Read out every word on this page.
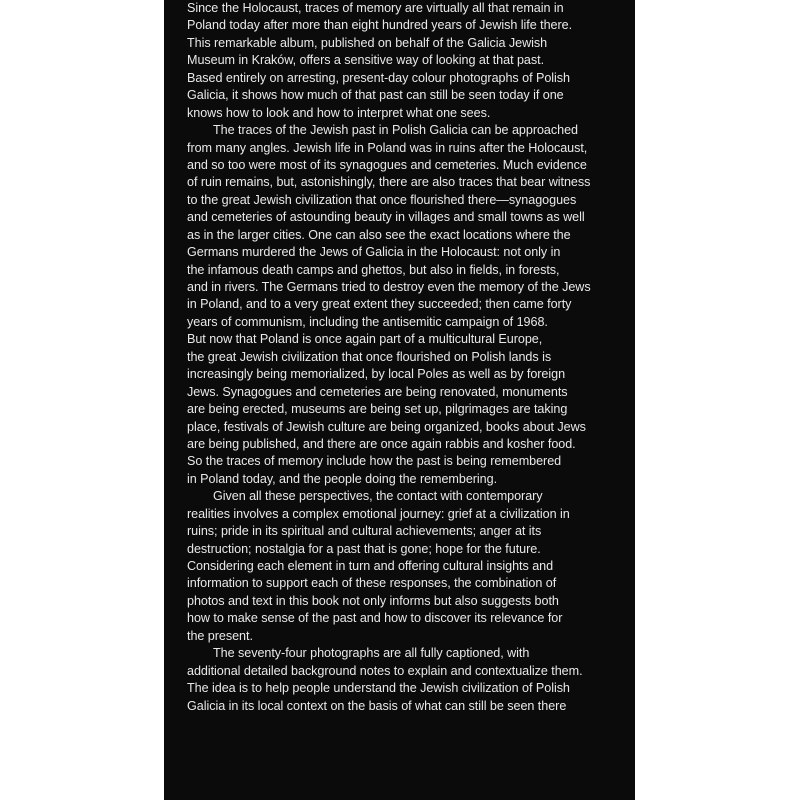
Since the Holocaust, traces of memory are virtually all that remain in
Poland today after more than eight hundred years of Jewish life there.
This remarkable album, published on behalf of the Galicia Jewish
Museum in Kraków, offers a sensitive way of looking at that past.
Based entirely on arresting, present-day colour photographs of Polish
Galicia, it shows how much of that past can still be seen today if one
knows how to look and how to interpret what one sees.
The traces of the Jewish past in Polish Galicia can be approached
from many angles. Jewish life in Poland was in ruins after the Holocaust,
and so too were most of its synagogues and cemeteries. Much evidence
of ruin remains, but, astonishingly, there are also traces that bear witness
to the great Jewish civilization that once flourished there—synagogues
and cemeteries of astounding beauty in villages and small towns as well
as in the larger cities. One can also see the exact locations where the
Germans murdered the Jews of Galicia in the Holocaust: not only in
the infamous death camps and ghettos, but also in fields, in forests,
and in rivers. The Germans tried to destroy even the memory of the Jews
in Poland, and to a very great extent they succeeded; then came forty
years of communism, including the antisemitic campaign of 1968.
But now that Poland is once again part of a multicultural Europe,
the great Jewish civilization that once flourished on Polish lands is
increasingly being memorialized, by local Poles as well as by foreign
Jews. Synagogues and cemeteries are being renovated, monuments
are being erected, museums are being set up, pilgrimages are taking
place, festivals of Jewish culture are being organized, books about Jews
are being published, and there are once again rabbis and kosher food.
So the traces of memory include how the past is being remembered
in Poland today, and the people doing the remembering.
Given all these perspectives, the contact with contemporary
realities involves a complex emotional journey: grief at a civilization in
ruins; pride in its spiritual and cultural achievements; anger at its
destruction; nostalgia for a past that is gone; hope for the future.
Considering each element in turn and offering cultural insights and
information to support each of these responses, the combination of
photos and text in this book not only informs but also suggests both
how to make sense of the past and how to discover its relevance for
the present.
The seventy-four photographs are all fully captioned, with
additional detailed background notes to explain and contextualize them.
The idea is to help people understand the Jewish civilization of Polish
Galicia in its local context on the basis of what can still be seen there
